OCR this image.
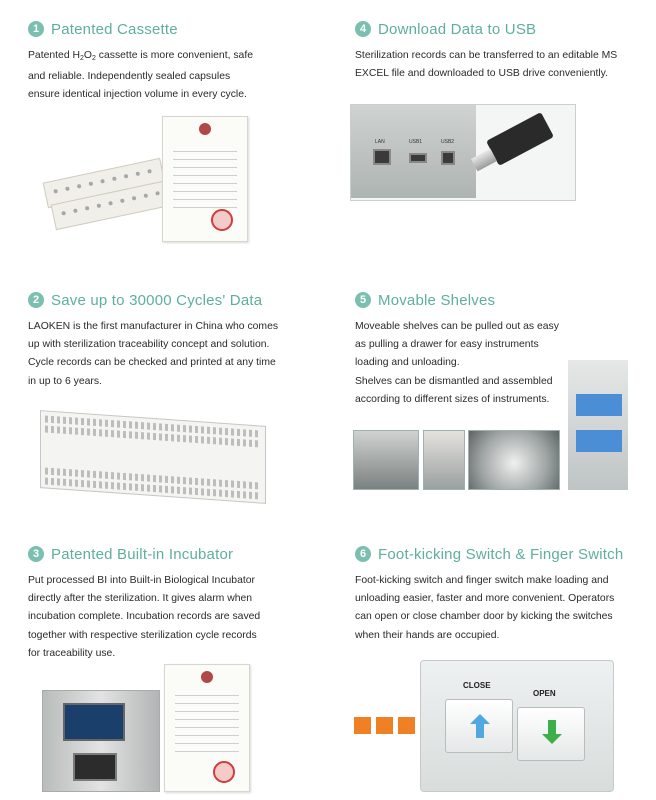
1 Patented Cassette

Patented $H_2O_2$ cassette is more convenient, safe

and reliable. Independently sealed capsules

ensure identical injection volume in every cycle.

2 Save up to 30000 Cycles' Data

LAOKEN is the first manufacturer in China who comes

up with sterilization traceability concept and solution.

Cycle records can be checked and printed at any time

in up to 6 years.

3 Patented Built-in Incubator

Put processed BI into Built-in Biological Incubator

directly after the sterilization. It gives alarm when

incubation complete. Incubation records are saved

together with respective sterilization cycle records

for traceability use.

4 Download Data to USB

Sterilization records can be transferred to an editable MS

EXCEL file and downloaded to USB drive conveniently.

LAN	USB1	USB2
5 Movable Shelves

Moveable shelves can be pulled out as easy

as pulling a drawer for easy instruments

loading and unloading.

Shelves can be dismantled and assembled

according to different sizes of instruments.

6 Foot-kicking Switch & Finger Switch

Foot-kicking switch and finger switch make loading and

unloading easier, faster and more convenient. Operators

can open or close chamber door by kicking the switches

when their hands are occupied.

CLOSE
OPEN
